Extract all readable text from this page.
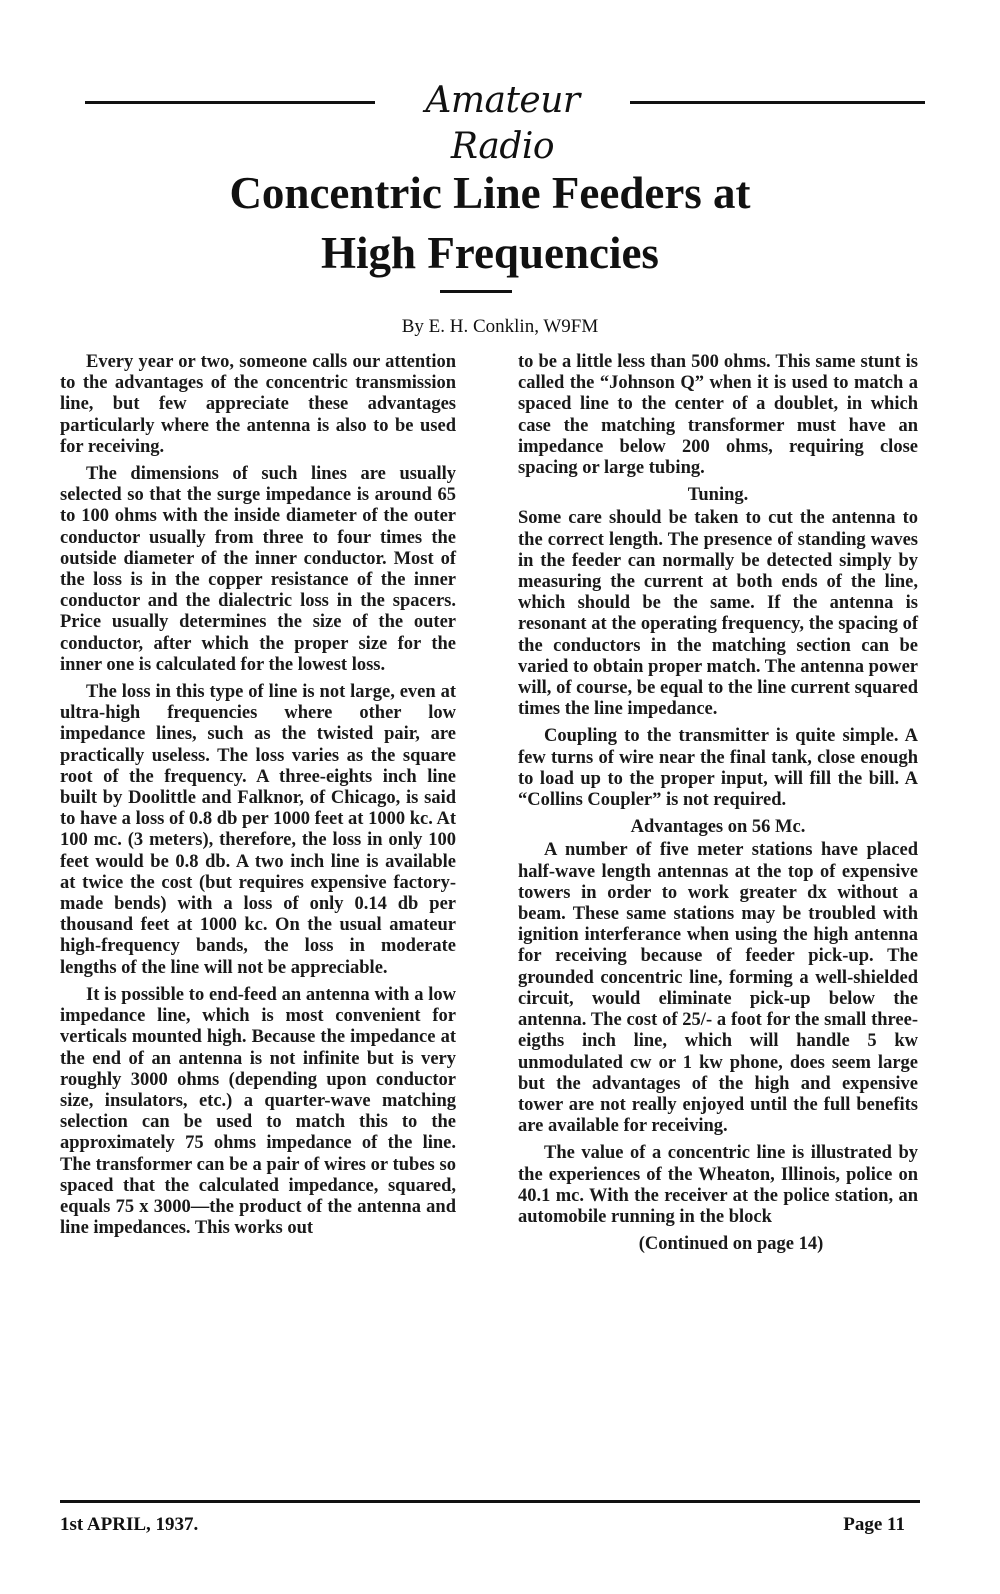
Amateur Radio
Concentric Line Feeders at
High Frequencies
By E. H. Conklin, W9FM

Every year or two, someone calls our attention to the advantages of the concentric transmission line, but few appreciate these advantages particularly where the antenna is also to be used for receiving.

The dimensions of such lines are usually selected so that the surge impedance is around 65 to 100 ohms with the inside diameter of the outer conductor usually from three to four times the outside diameter of the inner conductor. Most of the loss is in the copper resistance of the inner conductor and the dialectric loss in the spacers. Price usually determines the size of the outer conductor, after which the proper size for the inner one is calculated for the lowest loss.

The loss in this type of line is not large, even at ultra-high frequencies where other low impedance lines, such as the twisted pair, are practically useless. The loss varies as the square root of the frequency. A three-eights inch line built by Doolittle and Falknor, of Chicago, is said to have a loss of 0.8 db per 1000 feet at 1000 kc. At 100 mc. (3 meters), therefore, the loss in only 100 feet would be 0.8 db. A two inch line is available at twice the cost (but requires expensive factory-made bends) with a loss of only 0.14 db per thousand feet at 1000 kc. On the usual amateur high-frequency bands, the loss in moderate lengths of the line will not be appreciable.

It is possible to end-feed an antenna with a low impedance line, which is most convenient for verticals mounted high. Because the impedance at the end of an antenna is not infinite but is very roughly 3000 ohms (depending upon conductor size, insulators, etc.) a quarter-wave matching selection can be used to match this to the approximately 75 ohms impedance of the line. The transformer can be a pair of wires or tubes so spaced that the calculated impedance, squared, equals 75 x 3000—the product of the antenna and line impedances. This works out

to be a little less than 500 ohms. This same stunt is called the “Johnson Q” when it is used to match a spaced line to the center of a doublet, in which case the matching transformer must have an impedance below 200 ohms, requiring close spacing or large tubing.

Tuning.

Some care should be taken to cut the antenna to the correct length. The presence of standing waves in the feeder can normally be detected simply by measuring the current at both ends of the line, which should be the same. If the antenna is resonant at the operating frequency, the spacing of the conductors in the matching section can be varied to obtain proper match. The antenna power will, of course, be equal to the line current squared times the line impedance.

Coupling to the transmitter is quite simple. A few turns of wire near the final tank, close enough to load up to the proper input, will fill the bill. A “Collins Coupler” is not required.

Advantages on 56 Mc.

A number of five meter stations have placed half-wave length antennas at the top of expensive towers in order to work greater dx without a beam. These same stations may be troubled with ignition interferance when using the high antenna for receiving because of feeder pick-up. The grounded concentric line, forming a well-shielded circuit, would eliminate pick-up below the antenna. The cost of 25/- a foot for the small three-eigths inch line, which will handle 5 kw unmodulated cw or 1 kw phone, does seem large but the advantages of the high and expensive tower are not really enjoyed until the full benefits are available for receiving.

The value of a concentric line is illustrated by the experiences of the Wheaton, Illinois, police on 40.1 mc. With the receiver at the police station, an automobile running in the block

(Continued on page 14)

1st APRIL, 1937.	Page 11
